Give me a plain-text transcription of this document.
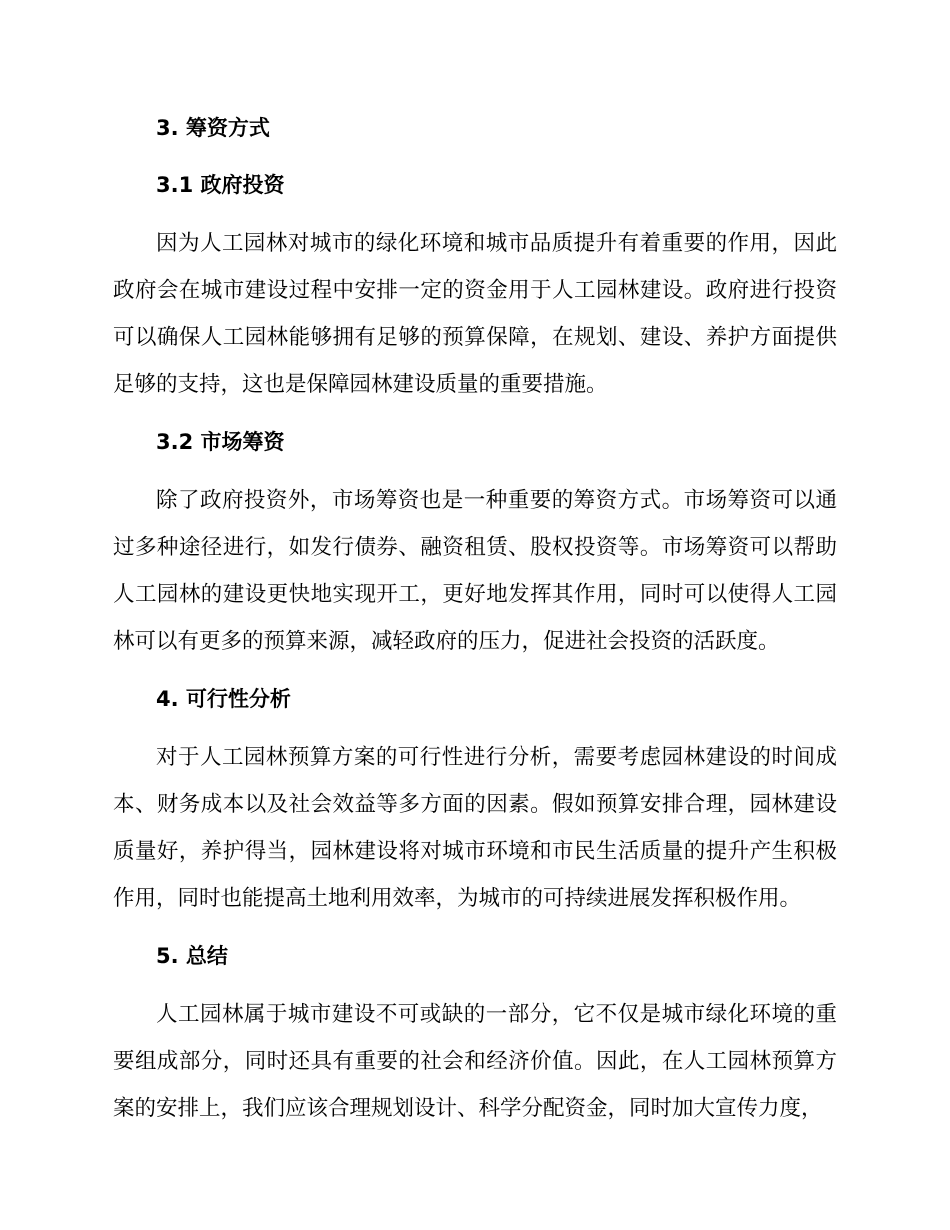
3. 筹资方式
3.1 政府投资

因为人工园林对城市的绿化环境和城市品质提升有着重要的作用，因此政府会在城市建设过程中安排一定的资金用于人工园林建设。政府进行投资可以确保人工园林能够拥有足够的预算保障，在规划、建设、养护方面提供足够的支持，这也是保障园林建设质量的重要措施。

3.2 市场筹资

除了政府投资外，市场筹资也是一种重要的筹资方式。市场筹资可以通过多种途径进行，如发行债券、融资租赁、股权投资等。市场筹资可以帮助人工园林的建设更快地实现开工，更好地发挥其作用，同时可以使得人工园林可以有更多的预算来源，减轻政府的压力，促进社会投资的活跃度。

4. 可行性分析

对于人工园林预算方案的可行性进行分析，需要考虑园林建设的时间成本、财务成本以及社会效益等多方面的因素。假如预算安排合理，园林建设质量好，养护得当，园林建设将对城市环境和市民生活质量的提升产生积极作用，同时也能提高土地利用效率，为城市的可持续进展发挥积极作用。

5. 总结

人工园林属于城市建设不可或缺的一部分，它不仅是城市绿化环境的重要组成部分，同时还具有重要的社会和经济价值。因此，在人工园林预算方案的安排上，我们应该合理规划设计、科学分配资金，同时加大宣传力度，
